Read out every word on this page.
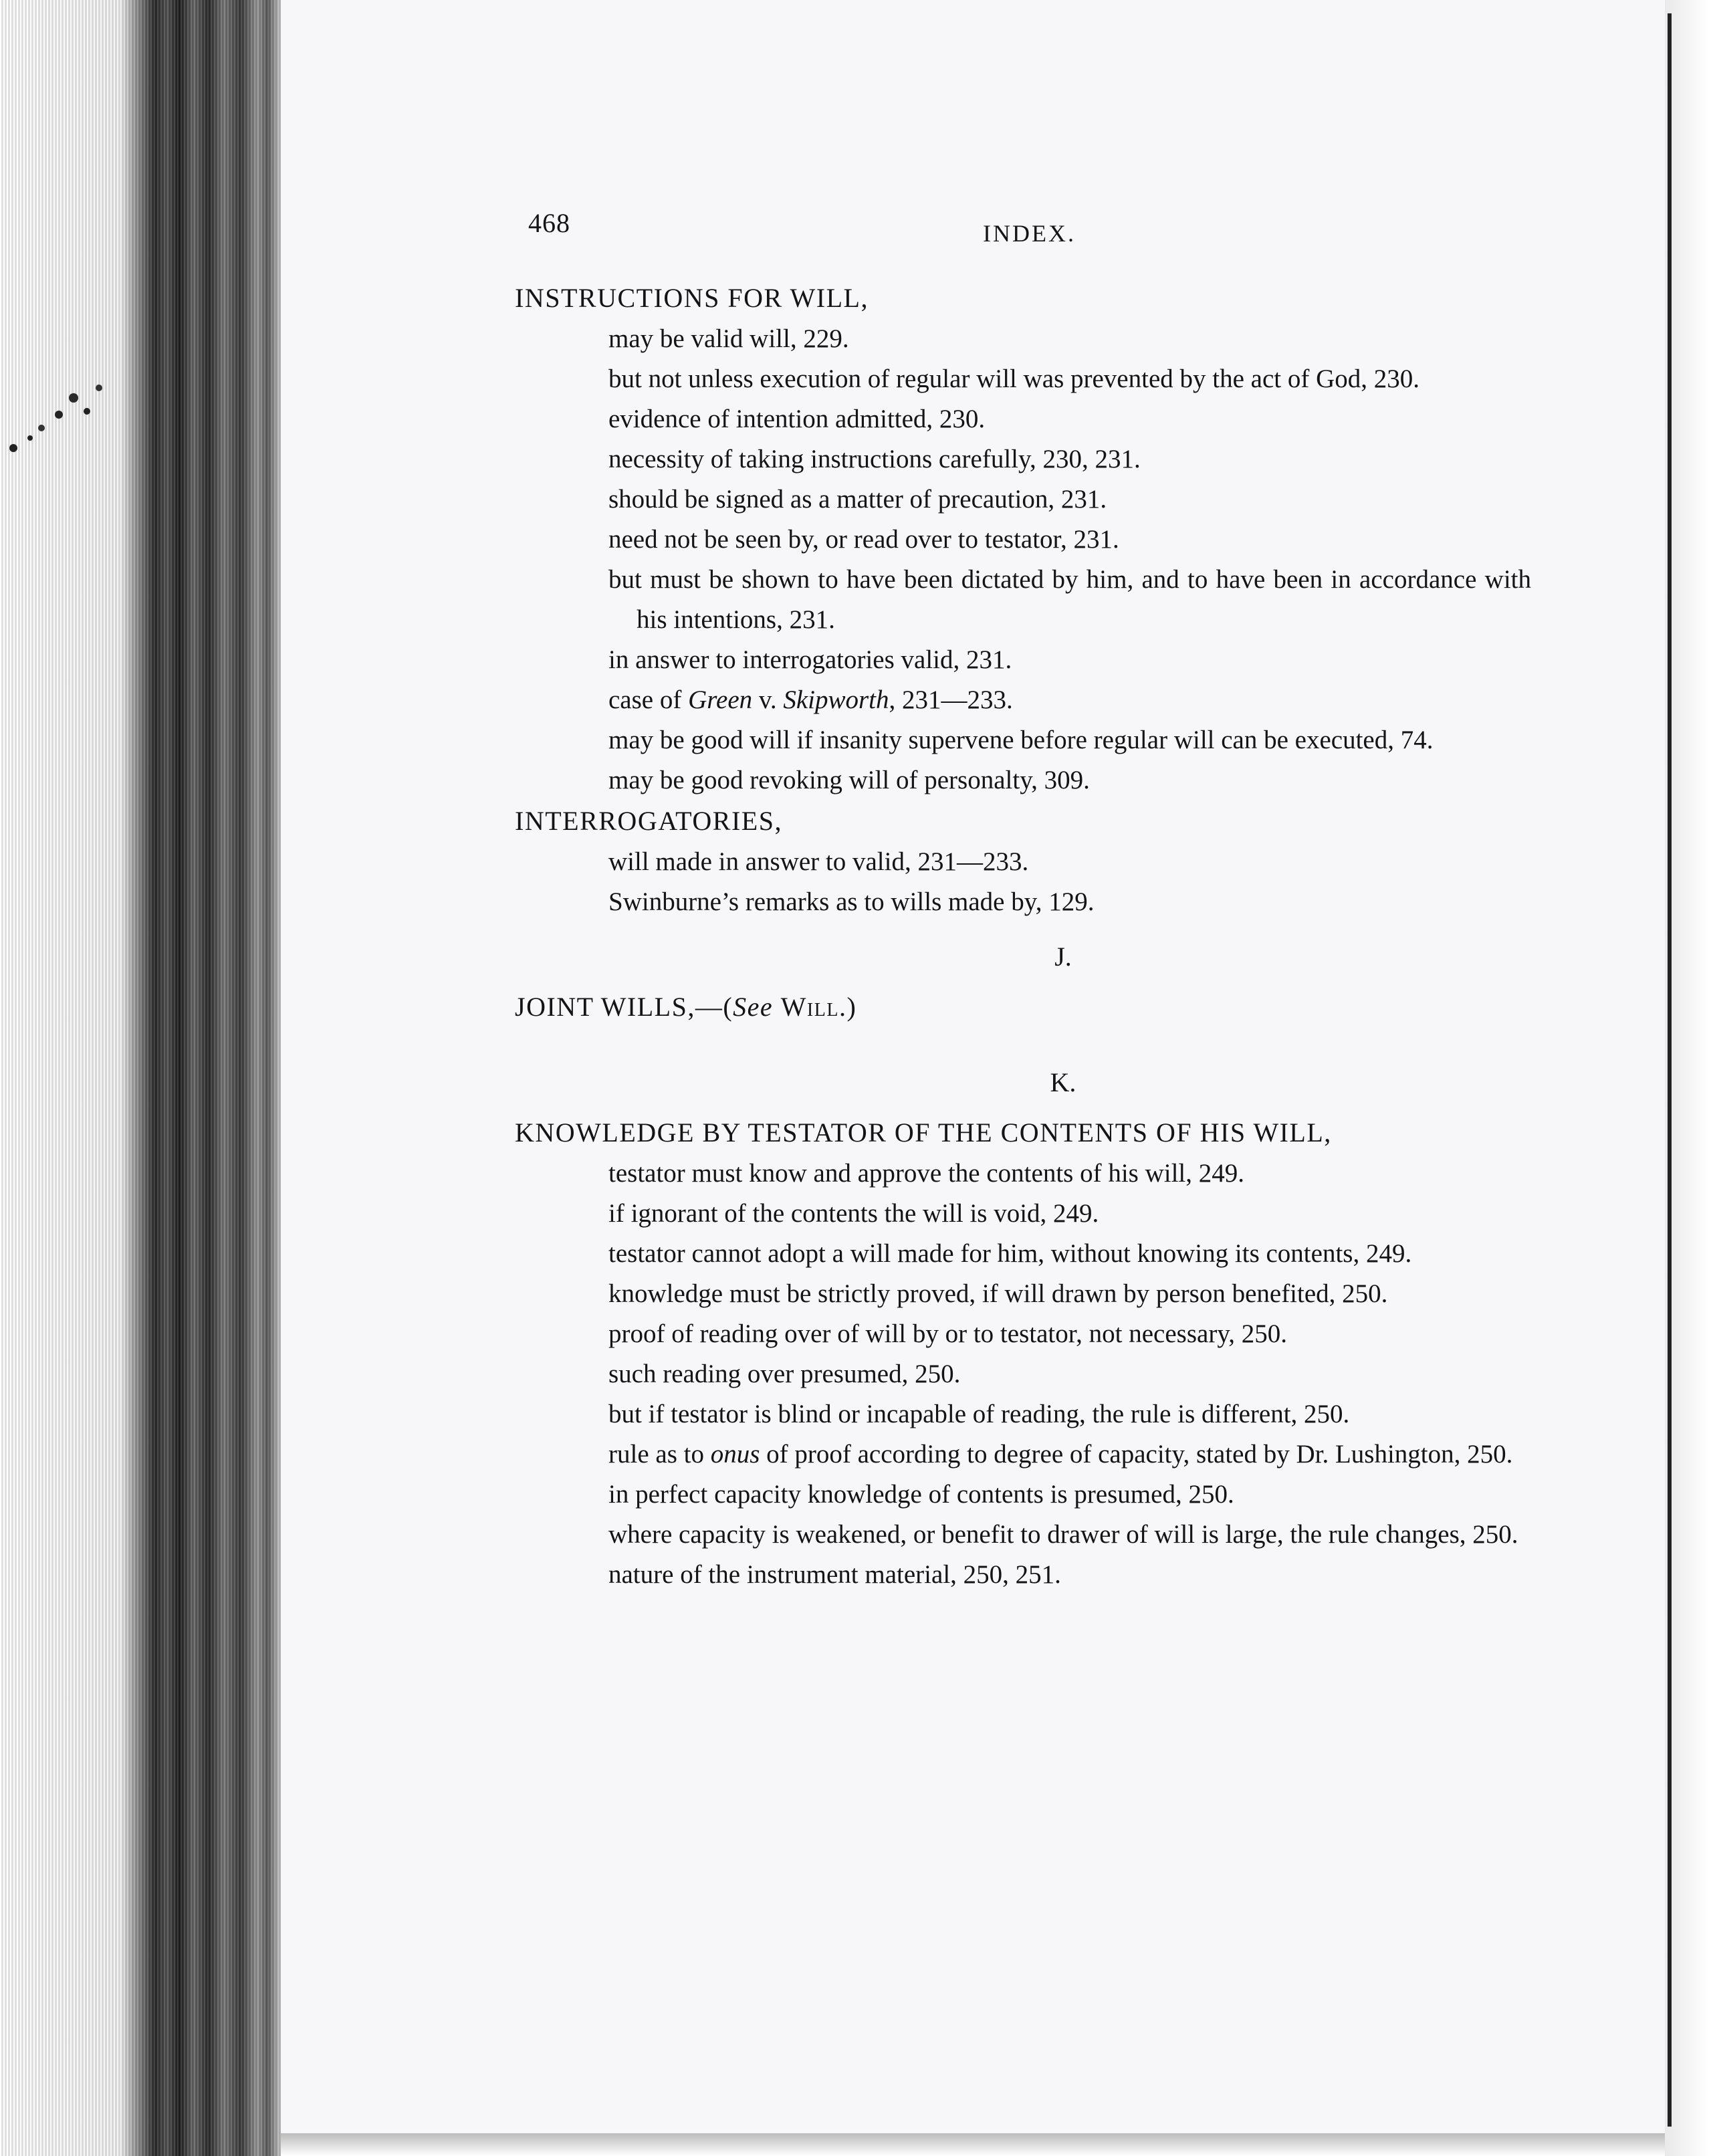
468	INDEX.
INSTRUCTIONS FOR WILL,
may be valid will, 229.
but not unless execution of regular will was prevented by the act of God, 230.
evidence of intention admitted, 230.
necessity of taking instructions carefully, 230, 231.
should be signed as a matter of precaution, 231.
need not be seen by, or read over to testator, 231.
but must be shown to have been dictated by him, and to have been in accordance with his intentions, 231.
in answer to interrogatories valid, 231.
case of Green v. Skipworth, 231—233.
may be good will if insanity supervene before regular will can be executed, 74.
may be good revoking will of personalty, 309.
INTERROGATORIES,
will made in answer to valid, 231—233.
Swinburne’s remarks as to wills made by, 129.
J.
JOINT WILLS,—(See Will.)
K.
KNOWLEDGE BY TESTATOR OF THE CONTENTS OF HIS WILL,
testator must know and approve the contents of his will, 249.
if ignorant of the contents the will is void, 249.
testator cannot adopt a will made for him, without knowing its contents, 249.
knowledge must be strictly proved, if will drawn by person benefited, 250.
proof of reading over of will by or to testator, not necessary, 250.
such reading over presumed, 250.
but if testator is blind or incapable of reading, the rule is different, 250.
rule as to onus of proof according to degree of capacity, stated by Dr. Lushington, 250.
in perfect capacity knowledge of contents is presumed, 250.
where capacity is weakened, or benefit to drawer of will is large, the rule changes, 250.
nature of the instrument material, 250, 251.
